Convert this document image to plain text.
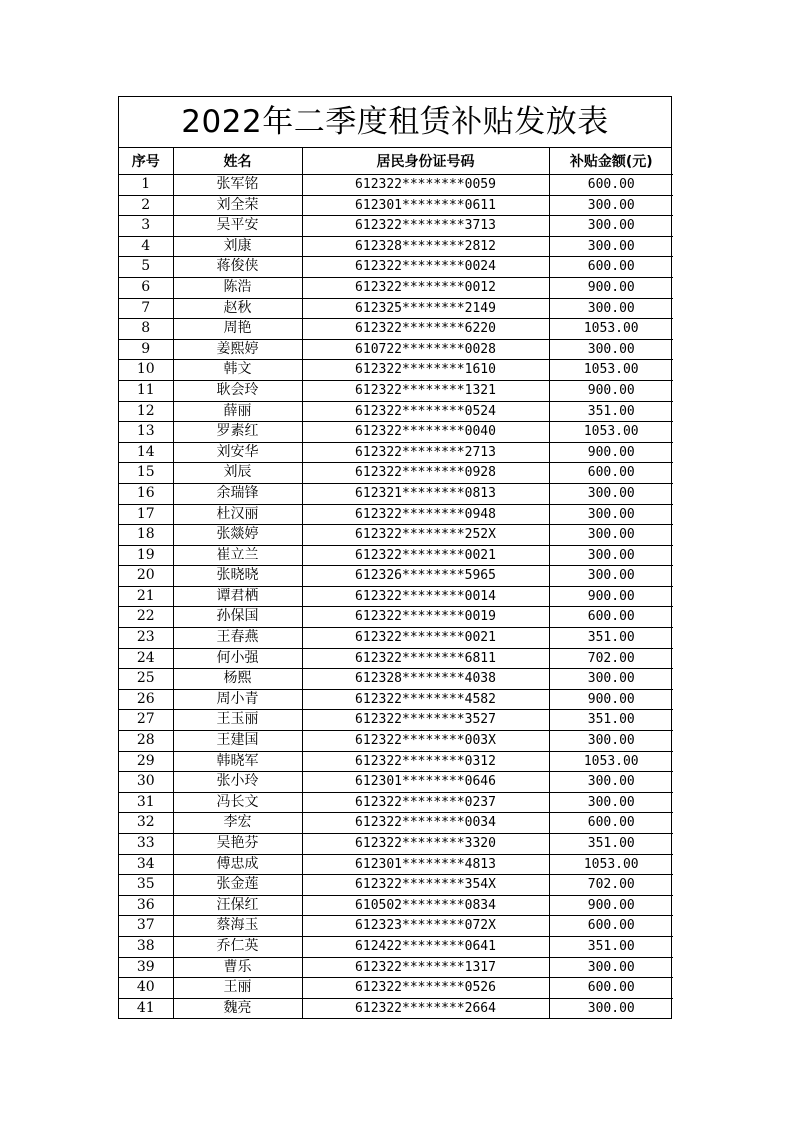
2022年二季度租赁补贴发放表
序号	姓名	居民身份证号码	补贴金额(元)
1	张军铭	612322********0059	600.00
2	刘全荣	612301********0611	300.00
3	吴平安	612322********3713	300.00
4	刘康	612328********2812	300.00
5	蒋俊侠	612322********0024	600.00
6	陈浩	612322********0012	900.00
7	赵秋	612325********2149	300.00
8	周艳	612322********6220	1053.00
9	姜熙婷	610722********0028	300.00
10	韩文	612322********1610	1053.00
11	耿会玲	612322********1321	900.00
12	薛丽	612322********0524	351.00
13	罗素红	612322********0040	1053.00
14	刘安华	612322********2713	900.00
15	刘辰	612322********0928	600.00
16	余瑞锋	612321********0813	300.00
17	杜汉丽	612322********0948	300.00
18	张燚婷	612322********252X	300.00
19	崔立兰	612322********0021	300.00
20	张晓晓	612326********5965	300.00
21	谭君栖	612322********0014	900.00
22	孙保国	612322********0019	600.00
23	王春燕	612322********0021	351.00
24	何小强	612322********6811	702.00
25	杨熙	612328********4038	300.00
26	周小青	612322********4582	900.00
27	王玉丽	612322********3527	351.00
28	王建国	612322********003X	300.00
29	韩晓军	612322********0312	1053.00
30	张小玲	612301********0646	300.00
31	冯长文	612322********0237	300.00
32	李宏	612322********0034	600.00
33	吴艳芬	612322********3320	351.00
34	傅忠成	612301********4813	1053.00
35	张金莲	612322********354X	702.00
36	汪保红	610502********0834	900.00
37	蔡海玉	612323********072X	600.00
38	乔仁英	612422********0641	351.00
39	曹乐	612322********1317	300.00
40	王丽	612322********0526	600.00
41	魏亮	612322********2664	300.00
